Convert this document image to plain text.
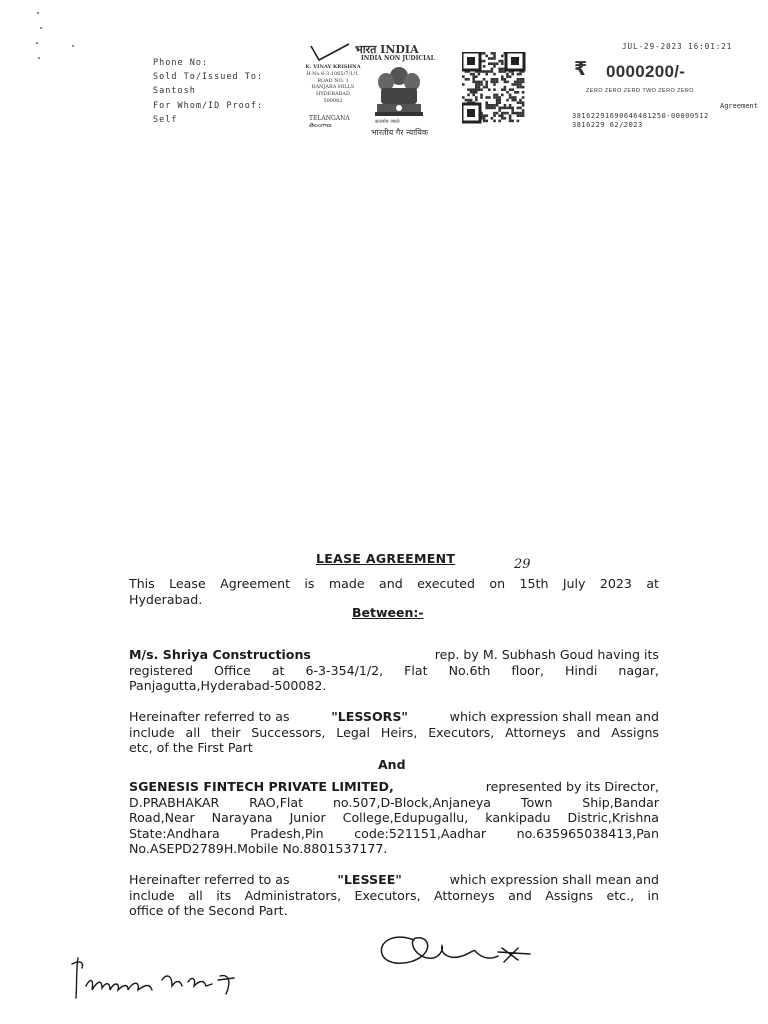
Phone No:
Sold To/Issued To:
Santosh
For Whom/ID Proof:
Self
K. VINAY KRISHNA
H.No 6-3-1065/7/1/1,
ROAD NO. 1 BANJARA HILLS
HYDERABAD
500082
TELANGANA
తెలంగాణ
भारत INDIA
INDIA NON JUDICIAL
सत्यमेव जयते
भारतीय गैर न्यायिक
JUL-29-2023 16:01:21
₹ 0000200/-
ZERO ZERO ZERO TWO ZERO ZERO
Agreement
38162291690646481250-00000512
3816229 62/2023
LEASE AGREEMENT	29
This Lease Agreement is made and executed on 15th July 2023 at
Hyderabad.
Between:-
M/s. Shriya Constructions	rep. by M. Subhash Goud having its
registered Office at 6-3-354/1/2, Flat No.6th floor, Hindi nagar,
Panjagutta,Hyderabad-500082.
Hereinafter referred to as	"LESSORS"	which expression shall mean and
include all their Successors, Legal Heirs, Executors, Attorneys and Assigns
etc, of the First Part
And
SGENESIS FINTECH PRIVATE LIMITED,	represented by its Director,
D.PRABHAKAR RAO,Flat no.507,D-Block,Anjaneya Town Ship,Bandar
Road,Near Narayana Junior College,Edupugallu, kankipadu Distric,Krishna
State:Andhara Pradesh,Pin code:521151,Aadhar no.635965038413,Pan
No.ASEPD2789H.Mobile No.8801537177.
Hereinafter referred to as	"LESSEE"	which expression shall mean and
include all its Administrators, Executors, Attorneys and Assigns etc., in
office of the Second Part.
